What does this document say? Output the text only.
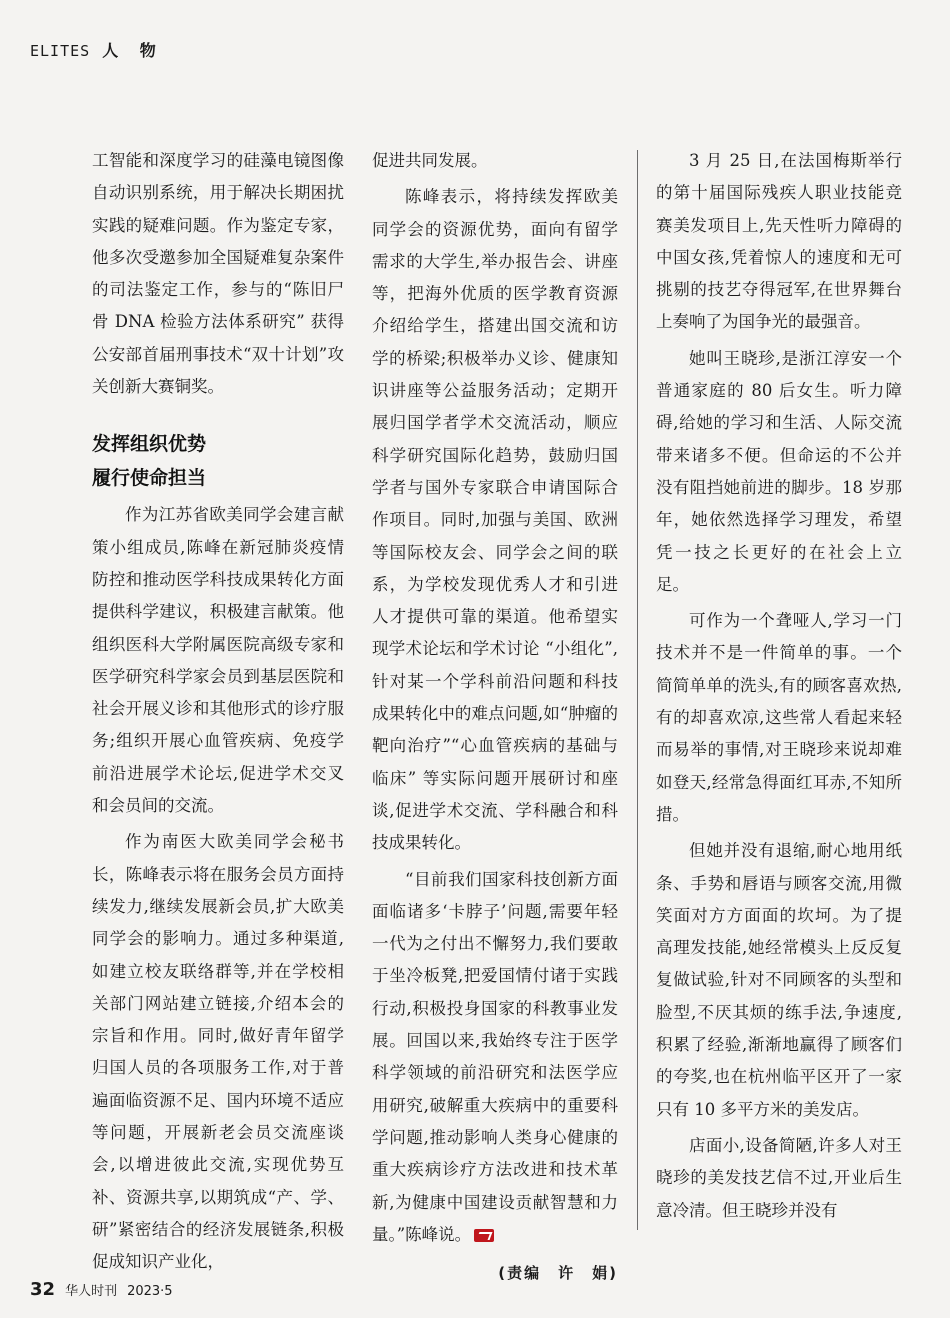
ELITES 人 物

工智能和深度学习的硅藻电镜图像自动识别系统，用于解决长期困扰实践的疑难问题。作为鉴定专家，他多次受邀参加全国疑难复杂案件的司法鉴定工作，参与的“陈旧尸骨 DNA 检验方法体系研究” 获得公安部首届刑事技术“双十计划”攻关创新大赛铜奖。

发挥组织优势
履行使命担当

作为江苏省欧美同学会建言献策小组成员,陈峰在新冠肺炎疫情防控和推动医学科技成果转化方面提供科学建议，积极建言献策。他组织医科大学附属医院高级专家和医学研究科学家会员到基层医院和社会开展义诊和其他形式的诊疗服务;组织开展心血管疾病、免疫学前沿进展学术论坛,促进学术交叉和会员间的交流。

作为南医大欧美同学会秘书长，陈峰表示将在服务会员方面持续发力,继续发展新会员,扩大欧美同学会的影响力。通过多种渠道,如建立校友联络群等,并在学校相关部门网站建立链接,介绍本会的宗旨和作用。同时,做好青年留学归国人员的各项服务工作,对于普遍面临资源不足、国内环境不适应等问题，开展新老会员交流座谈会,以增进彼此交流,实现优势互补、资源共享,以期筑成“产、学、研”紧密结合的经济发展链条,积极促成知识产业化，

促进共同发展。

陈峰表示，将持续发挥欧美同学会的资源优势，面向有留学需求的大学生,举办报告会、讲座等，把海外优质的医学教育资源介绍给学生，搭建出国交流和访学的桥梁;积极举办义诊、健康知识讲座等公益服务活动；定期开展归国学者学术交流活动，顺应科学研究国际化趋势，鼓励归国学者与国外专家联合申请国际合作项目。同时,加强与美国、欧洲等国际校友会、同学会之间的联系，为学校发现优秀人才和引进人才提供可靠的渠道。他希望实现学术论坛和学术讨论 “小组化”,针对某一个学科前沿问题和科技成果转化中的难点问题,如“肿瘤的靶向治疗”“心血管疾病的基础与临床” 等实际问题开展研讨和座谈,促进学术交流、学科融合和科技成果转化。

“目前我们国家科技创新方面面临诸多‘卡脖子’问题,需要年轻一代为之付出不懈努力,我们要敢于坐冷板凳,把爱国情付诸于实践行动,积极投身国家的科教事业发展。回国以来,我始终专注于医学科学领域的前沿研究和法医学应用研究,破解重大疾病中的重要科学问题,推动影响人类身心健康的重大疾病诊疗方法改进和技术革新,为健康中国建设贡献智慧和力量。”陈峰说。

(责编　许　娟)

3 月 25 日,在法国梅斯举行的第十届国际残疾人职业技能竞赛美发项目上,先天性听力障碍的中国女孩,凭着惊人的速度和无可挑剔的技艺夺得冠军,在世界舞台上奏响了为国争光的最强音。

她叫王晓珍,是浙江淳安一个普通家庭的 80 后女生。听力障碍,给她的学习和生活、人际交流带来诸多不便。但命运的不公并没有阻挡她前进的脚步。18 岁那年，她依然选择学习理发，希望凭一技之长更好的在社会上立足。

可作为一个聋哑人,学习一门技术并不是一件简单的事。一个简简单单的洗头,有的顾客喜欢热,有的却喜欢凉,这些常人看起来轻而易举的事情,对王晓珍来说却难如登天,经常急得面红耳赤,不知所措。

但她并没有退缩,耐心地用纸条、手势和唇语与顾客交流,用微笑面对方方面面的坎坷。为了提高理发技能,她经常模头上反反复复做试验,针对不同顾客的头型和脸型,不厌其烦的练手法,争速度,积累了经验,渐渐地赢得了顾客们的夸奖,也在杭州临平区开了一家只有 10 多平方米的美发店。

店面小,设备简陋,许多人对王晓珍的美发技艺信不过,开业后生意冷清。但王晓珍并没有

32 华人时刊 2023·5
